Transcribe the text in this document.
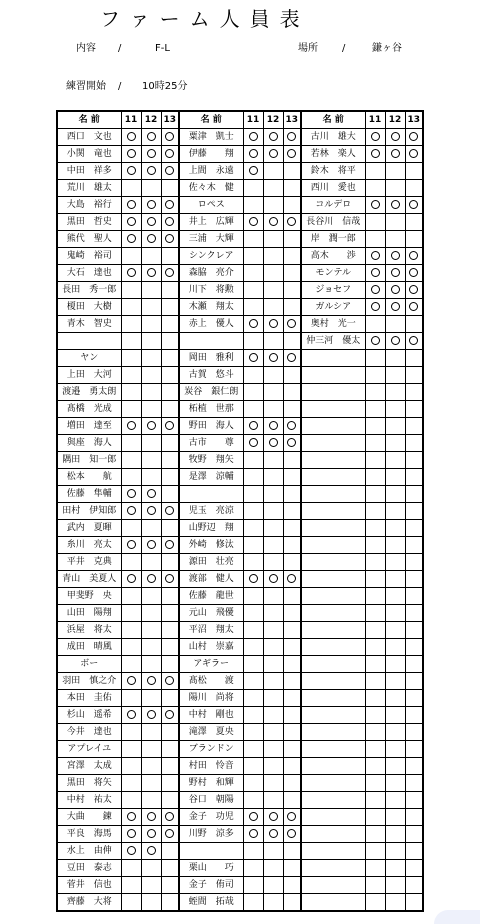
ファーム人員表
内容 /	F-L	場所 /	鎌ヶ谷
練習開始 / 10時25分
名 前	11	12	13	名 前	11	12	13	名 前	11	12	13
西口　文也				粟津　凱士				古川　雄大			
小関　竜也				伊藤　　翔				若林　楽人			
中田　祥多				上間　永遠				鈴木　将平			
荒川　雄太				佐々木　健				西川　愛也			
大島　裕行				ロペス				コルデロ			
黒田　哲史				井上　広輝				長谷川　信哉			
熊代　聖人				三浦　大輝				岸　潤一郎			
鬼崎　裕司				シンクレア				高木　　渉			
大石　達也				森脇　亮介				モンテル			
長田　秀一郎				川下　将勲				ジョセフ			
榎田　大樹				木瀬　翔太				ガルシア			
青木　智史				赤上　優人				奥村　光一			
								仲三河　優太			
ヤン				岡田　雅利							
上田　大河				古賀　悠斗							
渡邉　勇太朗				炭谷　銀仁朗							
髙橋　光成				柘植　世那							
増田　達至				野田　海人							
與座　海人				古市　　尊							
隅田　知一郎				牧野　翔矢							
松本　　航				是澤　涼輔							
佐藤　隼輔											
田村　伊知郎				児玉　亮涼							
武内　夏暉				山野辺　翔							
糸川　亮太				外崎　修汰							
平井　克典				源田　壮亮							
青山　美夏人				渡部　健人							
甲斐野　央				佐藤　龍世							
山田　陽翔				元山　飛優							
浜屋　将太				平沼　翔太							
成田　晴風				山村　崇嘉							
ボー				アギラー							
羽田　慎之介				髙松　　渡							
本田　圭佑				陽川　尚将							
杉山　遥希				中村　剛也							
今井　達也				滝澤　夏央							
アプレイユ				ブランドン							
宮澤　太成				村田　怜音							
黒田　将矢				野村　和輝							
中村　祐太				谷口　朝陽							
大曲　　錬				金子　功児							
平良　海馬				川野　涼多							
水上　由伸											
豆田　泰志				栗山　　巧							
菅井　信也				金子　侑司							
齊藤　大将				蛭間　拓哉							
